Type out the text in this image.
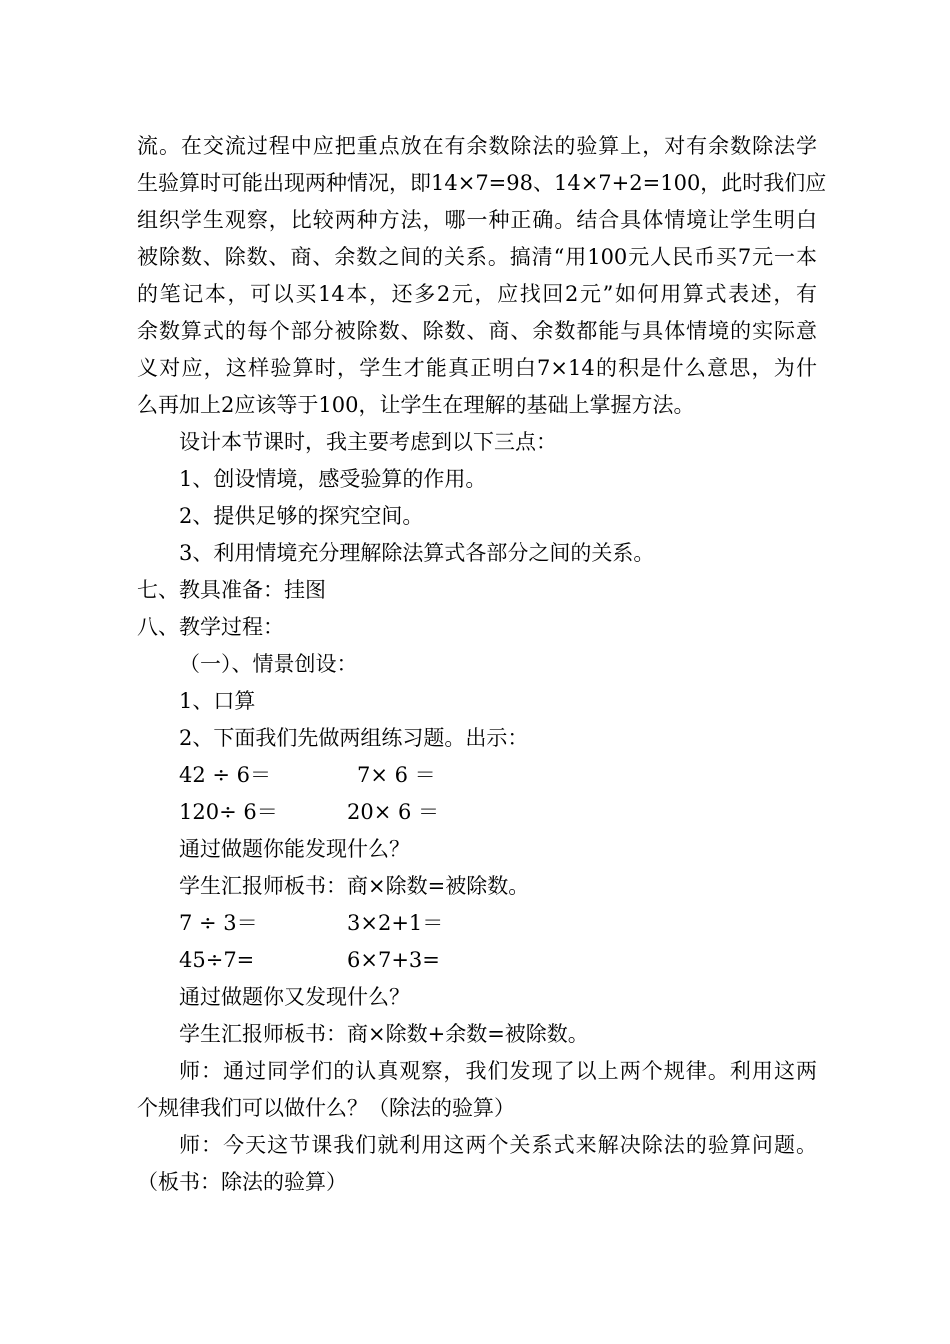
流。在交流过程中应把重点放在有余数除法的验算上，对有余数除法学
生验算时可能出现两种情况，即14×7=98、14×7+2=100，此时我们应
组织学生观察，比较两种方法，哪一种正确。结合具体情境让学生明白
被除数、除数、商、余数之间的关系。搞清“用100元人民币买7元一本
的笔记本，可以买14本，还多2元，应找回2元”如何用算式表述，有
余数算式的每个部分被除数、除数、商、余数都能与具体情境的实际意
义对应，这样验算时，学生才能真正明白7×14的积是什么意思，为什
么再加上2应该等于100，让学生在理解的基础上掌握方法。
设计本节课时，我主要考虑到以下三点：
1、创设情境，感受验算的作用。
2、提供足够的探究空间。
3、利用情境充分理解除法算式各部分之间的关系。
七、教具准备：挂图
八、教学过程：
（一）、情景创设：
1、口算
2、下面我们先做两组练习题。出示：
42 ÷ 6＝	7× 6 ＝
120÷ 6＝	20× 6 ＝
通过做题你能发现什么？
学生汇报师板书：商×除数=被除数。
7 ÷ 3＝	3×2+1＝
45÷7=	6×7+3=
通过做题你又发现什么？
学生汇报师板书：商×除数+余数=被除数。
师：通过同学们的认真观察，我们发现了以上两个规律。利用这两
个规律我们可以做什么？（除法的验算）
师：今天这节课我们就利用这两个关系式来解决除法的验算问题。
（板书：除法的验算）
